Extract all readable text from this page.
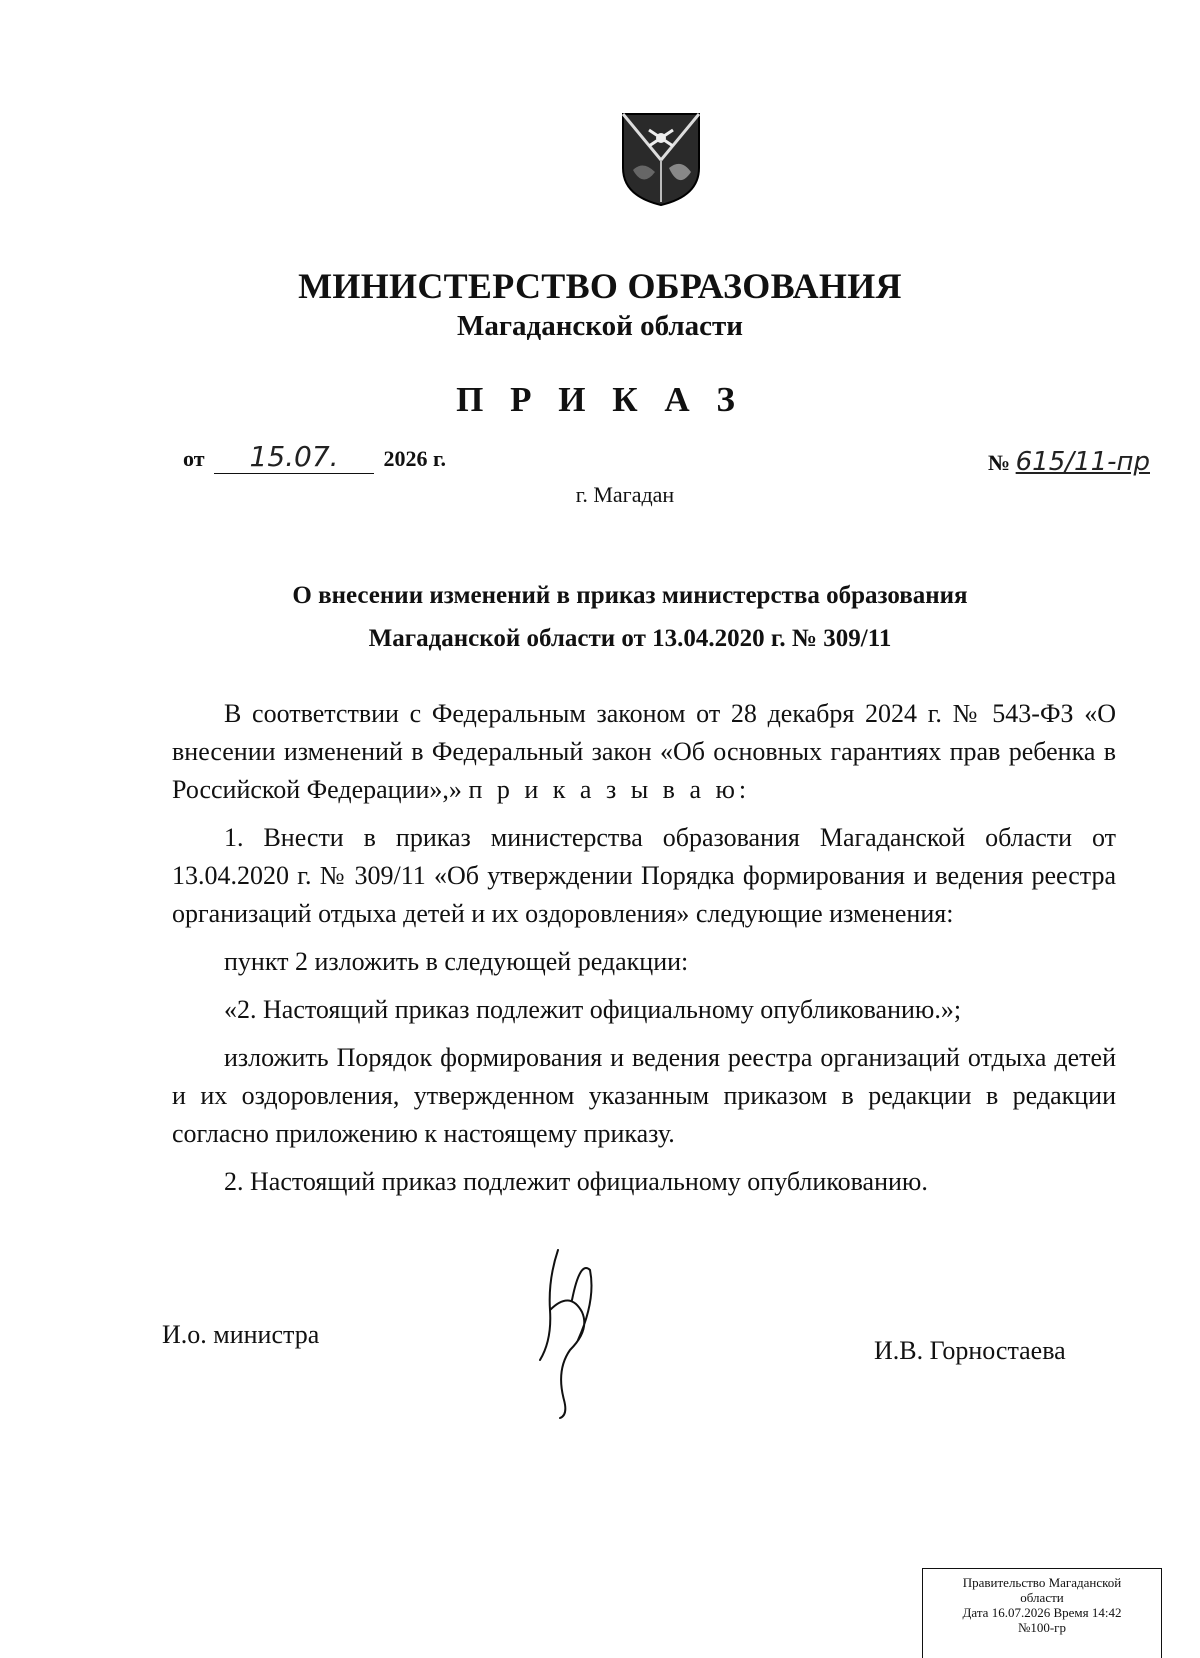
МИНИСТЕРСТВО ОБРАЗОВАНИЯ
Магаданской области
П Р И К А З
от 15.07. 2026 г.	№ 615/11-пр
г. Магадан
О внесении изменений в приказ министерства образования
Магаданской области от 13.04.2020 г. № 309/11

В соответствии с Федеральным законом от 28 декабря 2024 г. № 543-ФЗ «О внесении изменений в Федеральный закон «Об основных гарантиях прав ребенка в Российской Федерации»,» п р и к а з ы в а ю:

1. Внести в приказ министерства образования Магаданской области от 13.04.2020 г. № 309/11 «Об утверждении Порядка формирования и ведения реестра организаций отдыха детей и их оздоровления» следующие изменения:

пункт 2 изложить в следующей редакции:

«2. Настоящий приказ подлежит официальному опубликованию.»;

изложить Порядок формирования и ведения реестра организаций отдыха детей и их оздоровления, утвержденном указанным приказом в редакции в редакции согласно приложению к настоящему приказу.

2. Настоящий приказ подлежит официальному опубликованию.

И.о. министра
И.В. Горностаева
Правительство Магаданской
области
Дата 16.07.2026 Время 14:42
№100-гр
